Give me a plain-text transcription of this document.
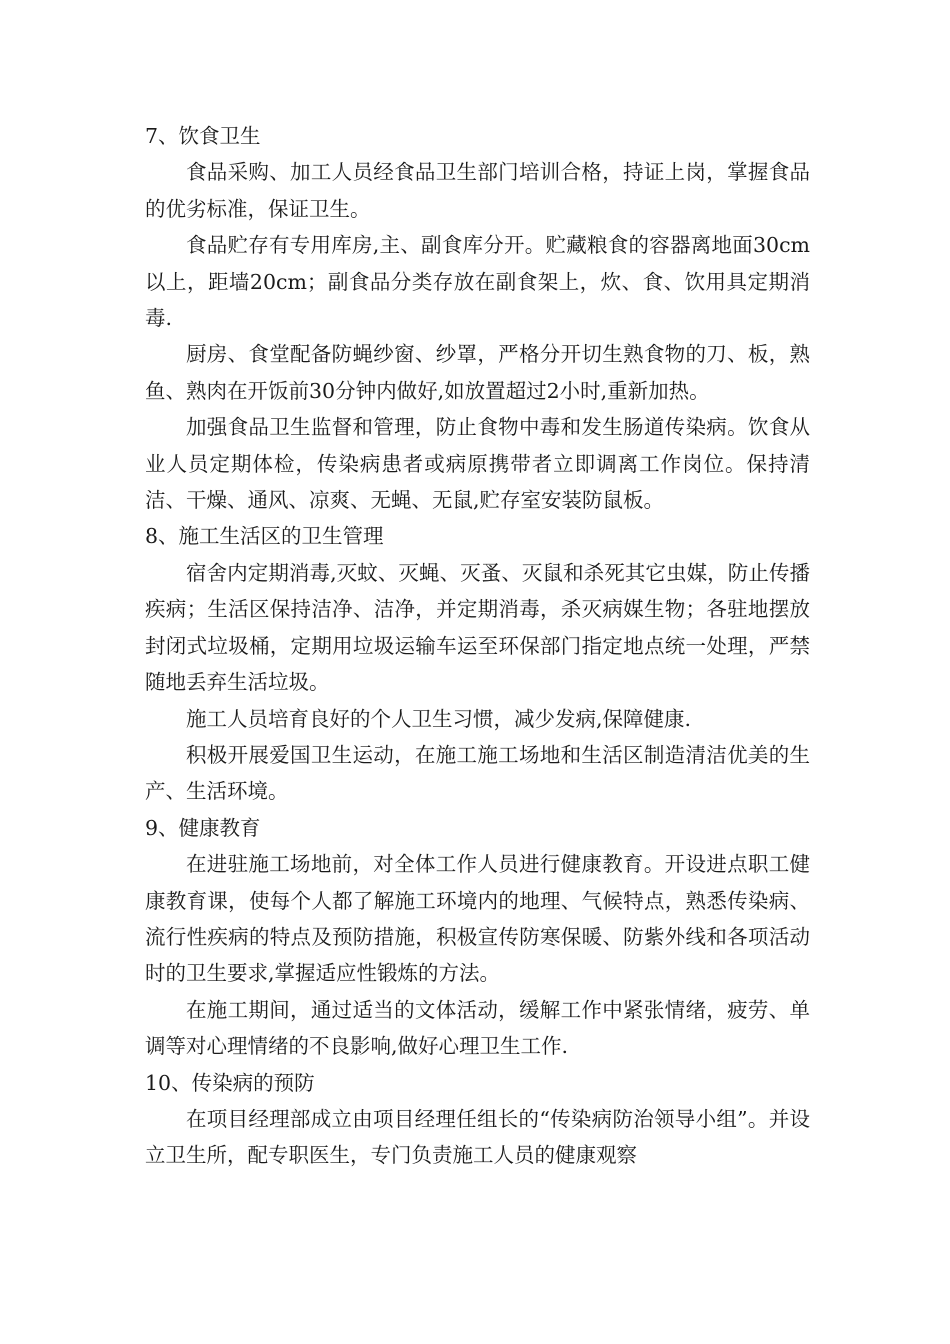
7、饮食卫生

食品采购、加工人员经食品卫生部门培训合格，持证上岗，掌握食品的优劣标准，保证卫生。

食品贮存有专用库房,主、副食库分开。贮藏粮食的容器离地面30cm以上，距墙20cm；副食品分类存放在副食架上，炊、食、饮用具定期消毒.

厨房、食堂配备防蝇纱窗、纱罩，严格分开切生熟食物的刀、板，熟鱼、熟肉在开饭前30分钟内做好,如放置超过2小时,重新加热。

加强食品卫生监督和管理，防止食物中毒和发生肠道传染病。饮食从业人员定期体检，传染病患者或病原携带者立即调离工作岗位。保持清洁、干燥、通风、凉爽、无蝇、无鼠,贮存室安装防鼠板。

8、施工生活区的卫生管理

宿舍内定期消毒,灭蚊、灭蝇、灭蚤、灭鼠和杀死其它虫媒，防止传播疾病；生活区保持洁净、洁净，并定期消毒，杀灭病媒生物；各驻地摆放封闭式垃圾桶，定期用垃圾运输车运至环保部门指定地点统一处理，严禁随地丢弃生活垃圾。

施工人员培育良好的个人卫生习惯，减少发病,保障健康.

积极开展爱国卫生运动，在施工施工场地和生活区制造清洁优美的生产、生活环境。

9、健康教育

在进驻施工场地前，对全体工作人员进行健康教育。开设进点职工健康教育课，使每个人都了解施工环境内的地理、气候特点，熟悉传染病、流行性疾病的特点及预防措施，积极宣传防寒保暖、防紫外线和各项活动时的卫生要求,掌握适应性锻炼的方法。

在施工期间，通过适当的文体活动，缓解工作中紧张情绪，疲劳、单调等对心理情绪的不良影响,做好心理卫生工作.

10、传染病的预防

在项目经理部成立由项目经理任组长的“传染病防治领导小组”。并设立卫生所，配专职医生，专门负责施工人员的健康观察
